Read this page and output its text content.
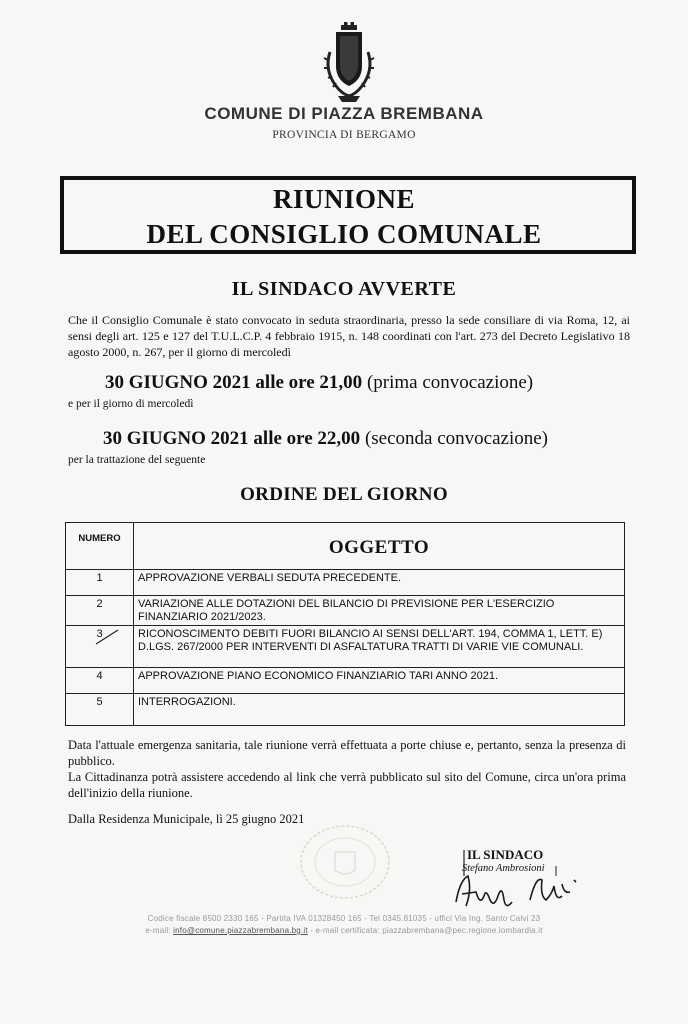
COMUNE DI PIAZZA BREMBANA
PROVINCIA DI BERGAMO
RIUNIONE
DEL CONSIGLIO COMUNALE
IL SINDACO AVVERTE
Che il Consiglio Comunale è stato convocato in seduta straordinaria, presso la sede consiliare di via Roma, 12, ai sensi degli art. 125 e 127 del T.U.L.C.P. 4 febbraio 1915, n. 148 coordinati con l'art. 273 del Decreto Legislativo 18 agosto 2000, n. 267, per il giorno di mercoledì
30 GIUGNO 2021 alle ore 21,00 (prima convocazione)
e per il giorno di mercoledì
30 GIUGNO 2021 alle ore 22,00 (seconda convocazione)
per la trattazione del seguente
ORDINE DEL GIORNO
NUMERO	OGGETTO
1	APPROVAZIONE VERBALI SEDUTA PRECEDENTE.
2	VARIAZIONE ALLE DOTAZIONI DEL BILANCIO DI PREVISIONE PER L'ESERCIZIO FINANZIARIO 2021/2023.
3	RICONOSCIMENTO DEBITI FUORI BILANCIO AI SENSI DELL'ART. 194, COMMA 1, LETT. E) D.LGS. 267/2000 PER INTERVENTI DI ASFALTATURA TRATTI DI VARIE VIE COMUNALI.
4	APPROVAZIONE PIANO ECONOMICO FINANZIARIO TARI ANNO 2021.
5	INTERROGAZIONI.
Data l'attuale emergenza sanitaria, tale riunione verrà effettuata a porte chiuse e, pertanto, senza la presenza di pubblico.
La Cittadinanza potrà assistere accedendo al link che verrà pubblicato sul sito del Comune, circa un'ora prima dell'inizio della riunione.
Dalla Residenza Municipale, lì 25 giugno 2021
IL SINDACO
Stefano Ambrosioni
Codice fiscale 8500 2330 165 - Partita IVA 01328450 165 - Tel 0345.81035 - uffici Via Ing. Santo Calvi 23
e-mail: info@comune.piazzabrembana.bg.it - e-mail certificata: piazzabrembana@pec.regione.lombardia.it
